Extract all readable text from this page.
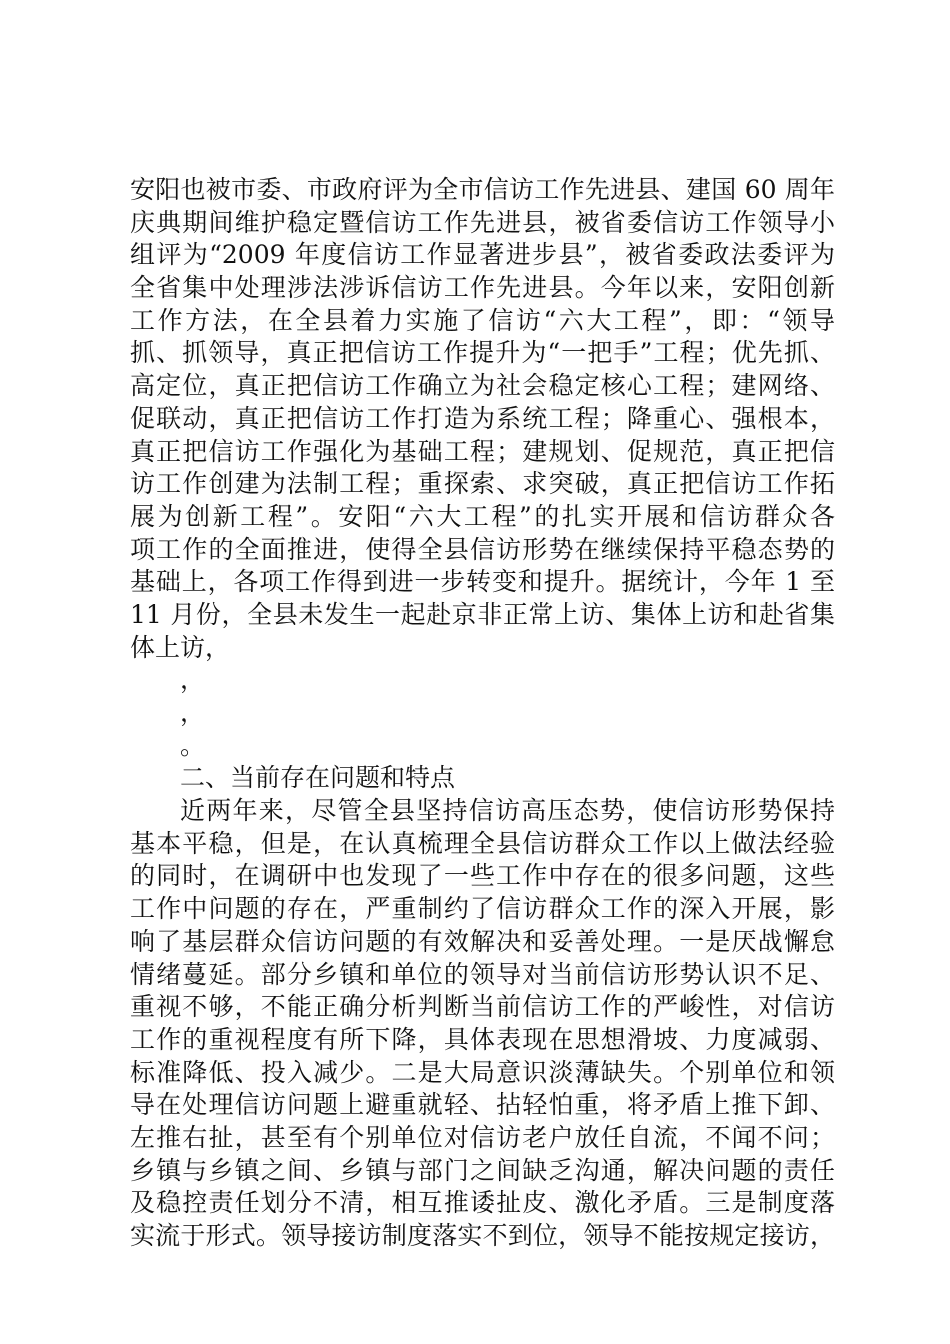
安阳也被市委、市政府评为全市信访工作先进县、建国 60 周年
庆典期间维护稳定暨信访工作先进县，被省委信访工作领导小
组评为“2009 年度信访工作显著进步县”，被省委政法委评为
全省集中处理涉法涉诉信访工作先进县。今年以来，安阳创新
工作方法，在全县着力实施了信访“六大工程”，即：“领导
抓、抓领导，真正把信访工作提升为“一把手”工程；优先抓、
高定位，真正把信访工作确立为社会稳定核心工程；建网络、
促联动，真正把信访工作打造为系统工程；降重心、强根本，
真正把信访工作强化为基础工程；建规划、促规范，真正把信
访工作创建为法制工程；重探索、求突破，真正把信访工作拓
展为创新工程”。安阳“六大工程”的扎实开展和信访群众各
项工作的全面推进，使得全县信访形势在继续保持平稳态势的
基础上，各项工作得到进一步转变和提升。据统计，今年 1 至
11 月份，全县未发生一起赴京非正常上访、集体上访和赴省集
体上访，
，
，
。
二、当前存在问题和特点
近两年来，尽管全县坚持信访高压态势，使信访形势保持
基本平稳，但是，在认真梳理全县信访群众工作以上做法经验
的同时，在调研中也发现了一些工作中存在的很多问题，这些
工作中问题的存在，严重制约了信访群众工作的深入开展，影
响了基层群众信访问题的有效解决和妥善处理。一是厌战懈怠
情绪蔓延。部分乡镇和单位的领导对当前信访形势认识不足、
重视不够，不能正确分析判断当前信访工作的严峻性，对信访
工作的重视程度有所下降，具体表现在思想滑坡、力度减弱、
标准降低、投入减少。二是大局意识淡薄缺失。个别单位和领
导在处理信访问题上避重就轻、拈轻怕重，将矛盾上推下卸、
左推右扯，甚至有个别单位对信访老户放任自流，不闻不问；
乡镇与乡镇之间、乡镇与部门之间缺乏沟通，解决问题的责任
及稳控责任划分不清，相互推诿扯皮、激化矛盾。三是制度落
实流于形式。领导接访制度落实不到位，领导不能按规定接访，
